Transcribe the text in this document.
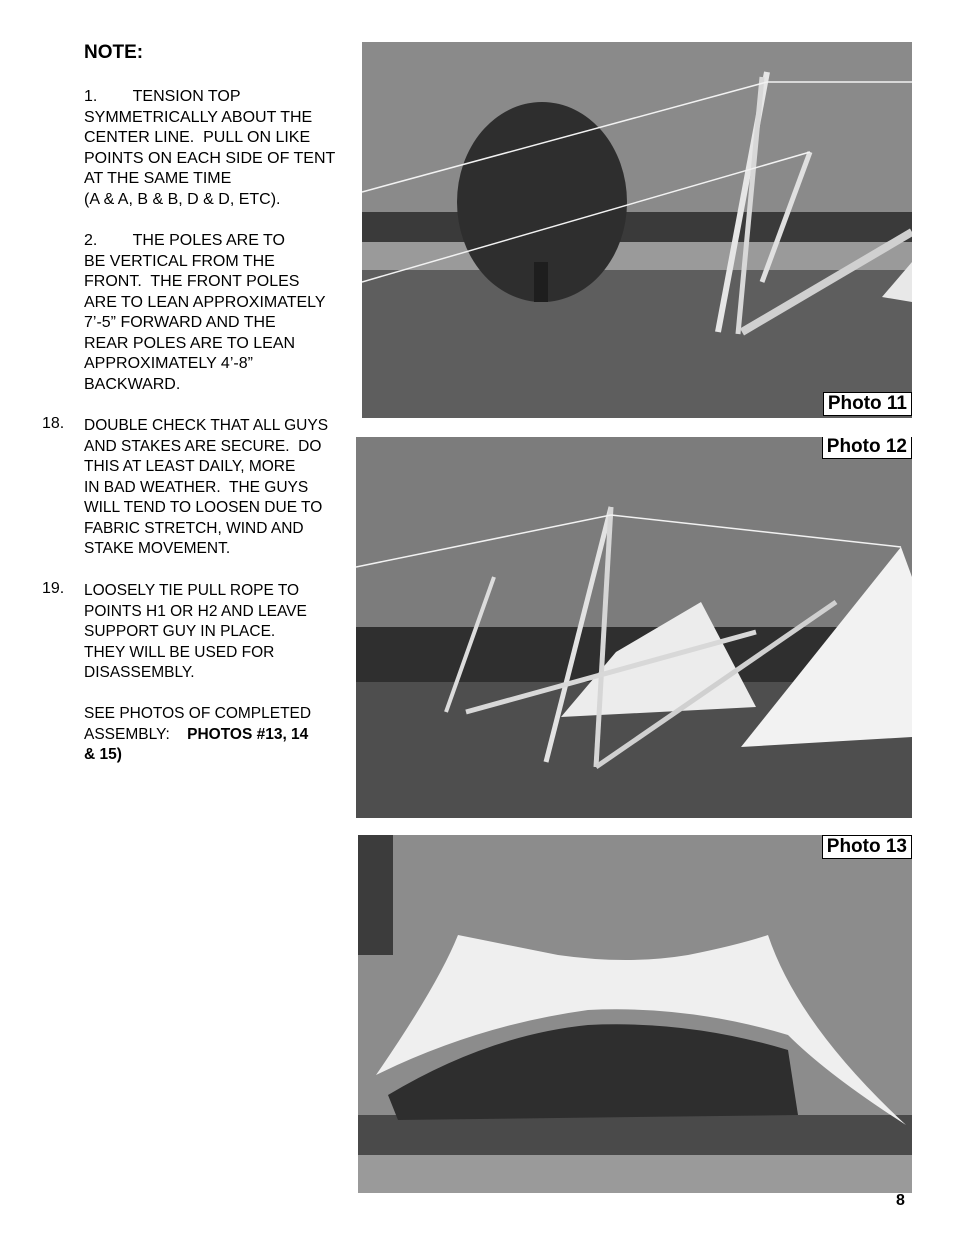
NOTE:
1. TENSION TOP
SYMMETRICALLY ABOUT THE
CENTER LINE.  PULL ON LIKE
POINTS ON EACH SIDE OF TENT
AT THE SAME TIME
(A & A, B & B, D & D, ETC).
2. THE POLES ARE TO
BE VERTICAL FROM THE
FRONT.  THE FRONT POLES
ARE TO LEAN APPROXIMATELY
7’-5” FORWARD AND THE
REAR POLES ARE TO LEAN
APPROXIMATELY 4’-8”
BACKWARD.
18. DOUBLE CHECK THAT ALL GUYS
AND STAKES ARE SECURE.  DO
THIS AT LEAST DAILY, MORE
IN BAD WEATHER.  THE GUYS
WILL TEND TO LOOSEN DUE TO
FABRIC STRETCH, WIND AND
STAKE MOVEMENT.
19. LOOSELY TIE PULL ROPE TO
POINTS H1 OR H2 AND LEAVE
SUPPORT GUY IN PLACE.
THEY WILL BE USED FOR
DISASSEMBLY.
SEE PHOTOS OF COMPLETED
ASSEMBLY: PHOTOS #13, 14
& 15)
Photo 11
Photo 12
Photo 13
8
